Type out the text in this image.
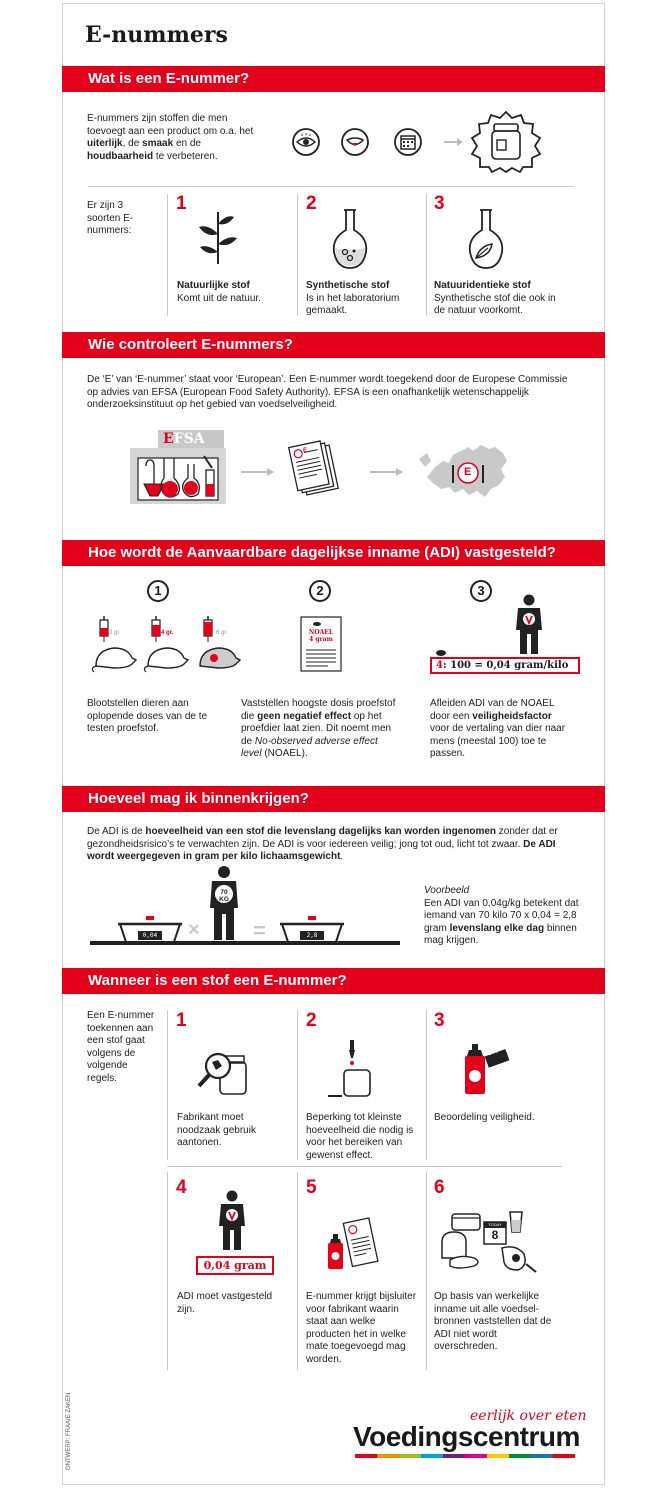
E-nummers
Wat is een E-nummer?
E-nummers zijn stoffen die men toevoegt aan een product om o.a. het uiterlijk, de smaak en de houdbaarheid te verbeteren.
Er zijn 3 soorten E-nummers:
1	2	3
Natuurlijke stof
Komt uit de natuur.
Synthetische stof
Is in het laboratorium gemaakt.
Natuuridentieke stof
Synthetische stof die ook in de natuur voorkomt.
Wie controleert E-nummers?
De ‘E’ van ‘E-nummer’ staat voor ‘European’. Een E-nummer wordt toegekend door de Europese Commissie op advies van EFSA (European Food Safety Authority). EFSA is een onafhankelijk wetenschappelijk onderzoeksinstituut op het gebied van voedselveiligheid.
EFSA
E
E
Hoe wordt de Aanvaardbare dagelijkse inname (ADI) vastgesteld?
1	2	3
3 gr.	4 gr.	6 gr.	NOAEL
4 gram
4: 100 = 0,04 gram/kilo
Blootstellen dieren aan oplopende doses van de te testen proefstof.
Vaststellen hoogste dosis proefstof die geen negatief effect op het proefdier laat zien. Dit noemt men de No-observed adverse effect level (NOAEL).
Afleiden ADI van de NOAEL door een veiligheidsfactor voor de vertaling van dier naar mens (meestal 100) toe te passen.
Hoeveel mag ik binnenkrijgen?
De ADI is de hoeveelheid van een stof die levenslang dagelijks kan worden ingenomen zonder dat er gezondheidsrisico’s te verwachten zijn. De ADI is voor iedereen veilig; jong tot oud, licht tot zwaar. De ADI wordt weergegeven in gram per kilo lichaamsgewicht.
0,04 ×
70
KG
=	2,8
Voorbeeld
Een ADI van 0,04g/kg betekent dat iemand van 70 kilo 70 x 0,04 = 2,8 gram levenslang elke dag binnen mag krijgen.
Wanneer is een stof een E-nummer?
Een E-nummer toekennen aan een stof gaat volgens de volgende regels.
1	2	3
OK
Fabrikant moet noodzaak gebruik aantonen.
Beperking tot kleinste hoeveelheid die nodig is voor het bereiken van gewenst effect.
Beoordeling veiligheid.
4	5	6
0,04 gram
TODAY
8
ADI moet vastgesteld zijn.
E-nummer krijgt bijsluiter voor fabrikant waarin staat aan welke producten het in welke mate toegevoegd mag worden.
Op basis van werkelijke inname uit alle voedsel-bronnen vaststellen dat de ADI niet wordt overschreden.
ONTWERP: FRAAIE ZAKEN	eerlijk over eten
Voedingscentrum
